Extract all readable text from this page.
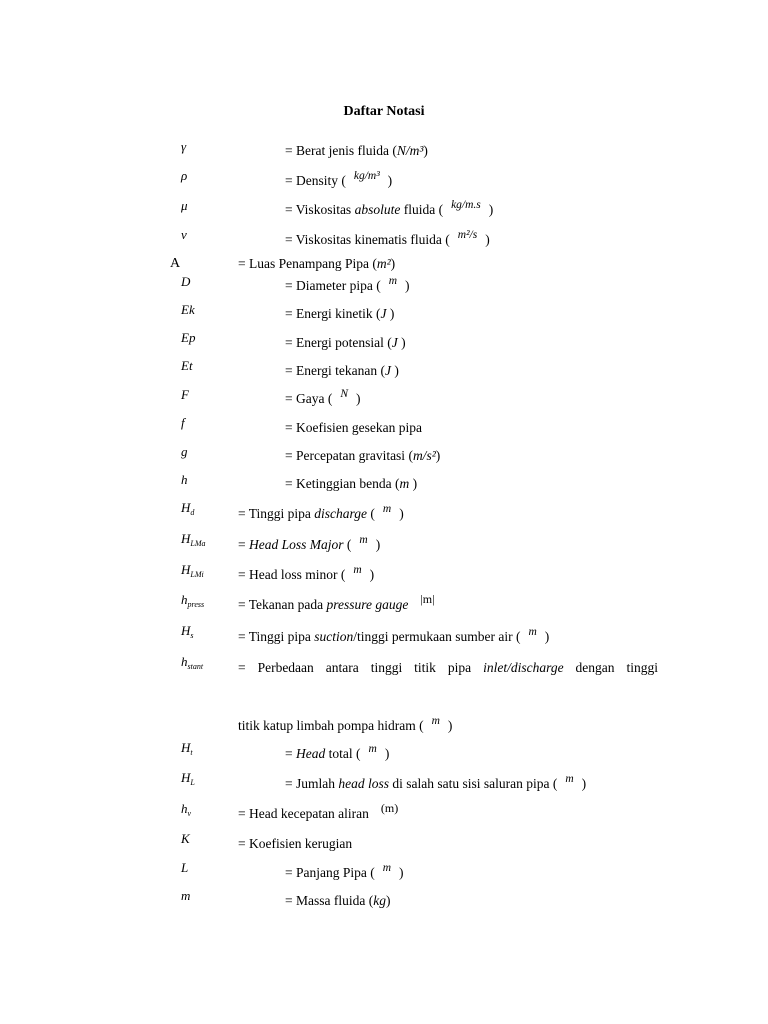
Daftar Notasi
γ	= Berat jenis fluida (N/m³)
ρ	= Density ( kg/m³ )
μ	= Viskositas absolute fluida ( kg/m.s )
ν	= Viskositas kinematis fluida ( m²/s )
A	= Luas Penampang Pipa (m²)
D	= Diameter pipa ( m )
Ek	= Energi kinetik (J )
Ep	= Energi potensial (J )
Et	= Energi tekanan (J )
F	= Gaya ( N )
f	= Koefisien gesekan pipa
g	= Percepatan gravitasi (m/s²)
h	= Ketinggian benda (m )
$H_d$	= Tinggi pipa discharge ( m )
$H_{LMa}$ = Head Loss Major ( m )
$H_{LMi}$	= Head loss minor ( m )
$h_{press}$	= Tekanan pada pressure gauge |m|
$H_s$	= Tinggi pipa suction/tinggi permukaan sumber air ( m )
$h_{stant}$	= Perbedaan antara tinggi titik pipa inlet/discharge dengan tinggi
titik katup limbah pompa hidram ( m )
$H_t$	= Head total ( m )
$H_L$	= Jumlah head loss di salah satu sisi saluran pipa ( m )
$h_v$	= Head kecepatan aliran (m)
K	= Koefisien kerugian
L	= Panjang Pipa ( m )
m	= Massa fluida (kg)
